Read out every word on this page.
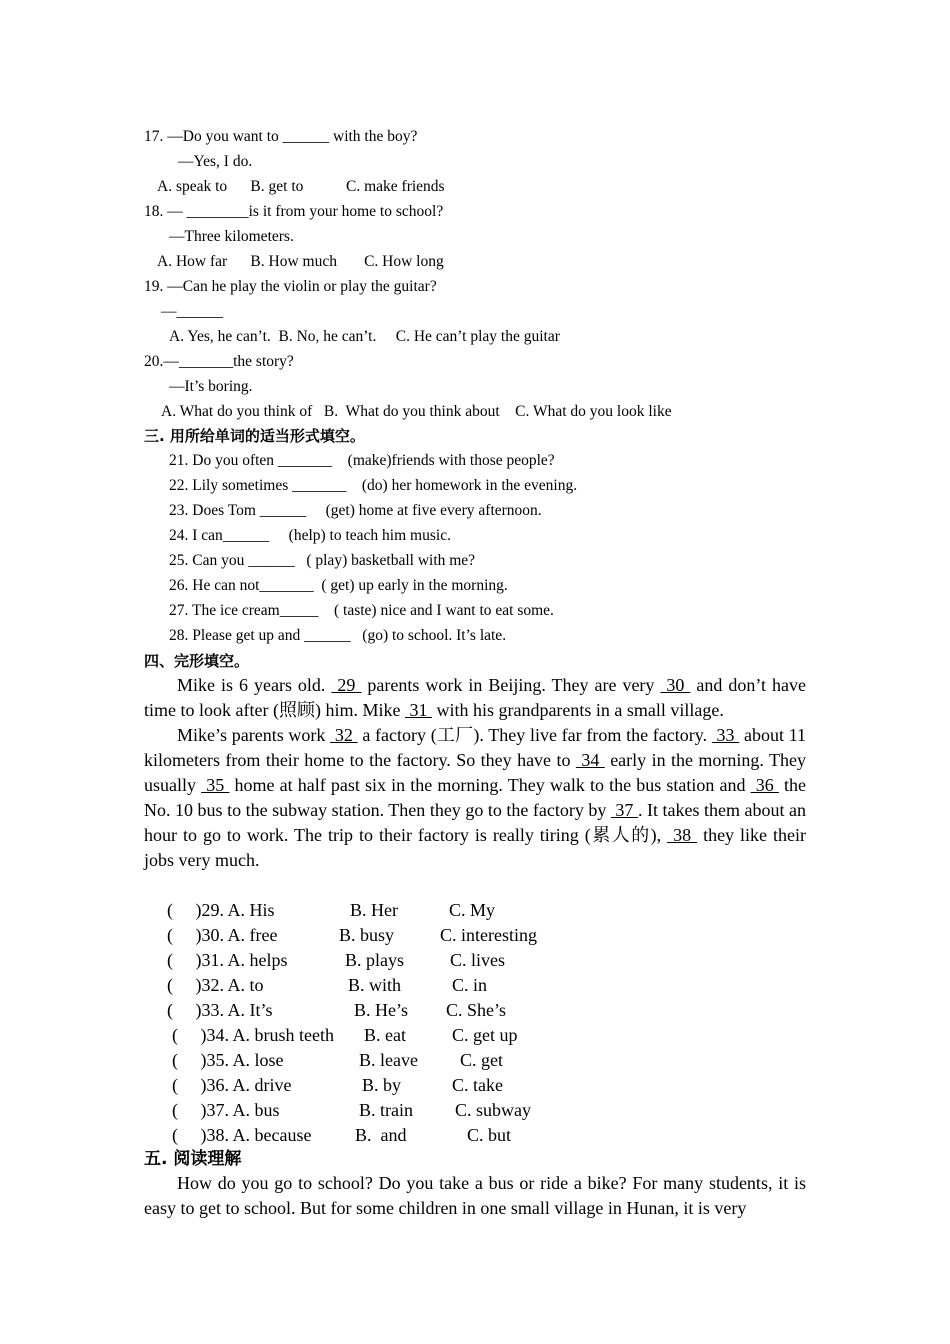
17. —Do you want to ______ with the boy?
—Yes, I do.
A. speak to      B. get to           C. make friends
18. — ________is it from your home to school?
—Three kilometers.
A. How far      B. How much       C. How long
19. —Can he play the violin or play the guitar?
—______
A. Yes, he can’t.  B. No, he can’t.     C. He can’t play the guitar
20.—_______the story?
—It’s boring.
A. What do you think of   B.  What do you think about    C. What do you look like
三. 用所给单词的适当形式填空。
21. Do you often _______    (make)friends with those people?
22. Lily sometimes _______    (do) her homework in the evening.
23. Does Tom ______     (get) home at five every afternoon.
24. I can______     (help) to teach him music.
25. Can you ______   ( play) basketball with me?
26. He can not_______  ( get) up early in the morning.
27. The ice cream_____    ( taste) nice and I want to eat some.
28. Please get up and ______   (go) to school. It’s late.
四、完形填空。

Mike is 6 years old.  29  parents work in Beijing. They are very  30  and don’t have time to look after (照顾) him. Mike  31  with his grandparents in a small village.

Mike’s parents work  32  a factory (工厂). They live far from the factory.  33  about 11 kilometers from their home to the factory. So they have to  34  early in the morning. They usually  35  home at half past six in the morning. They walk to the bus station and  36  the No. 10 bus to the subway station. Then they go to the factory by  37 . It takes them about an hour to go to work. The trip to their factory is really tiring (累人的),  38  they like their jobs very much.

(     )29. A. His	B. Her	C. My
(     )30. A. free	B. busy	C. interesting
(     )31. A. helps	B. plays	C. lives
(     )32. A. to	B. with	C. in
(     )33. A. It’s	B. He’s C. She’s
(     )34. A. brush teeth B. eat	C. get up
(     )35. A. lose	B. leave C. get
(     )36. A. drive	B. by	C. take
(     )37. A. bus	B. train C. subway
(     )38. A. because B.  and	C. but
五. 阅读理解

How do you go to school? Do you take a bus or ride a bike? For many students, it is easy to get to school. But for some children in one small village in Hunan, it is very
